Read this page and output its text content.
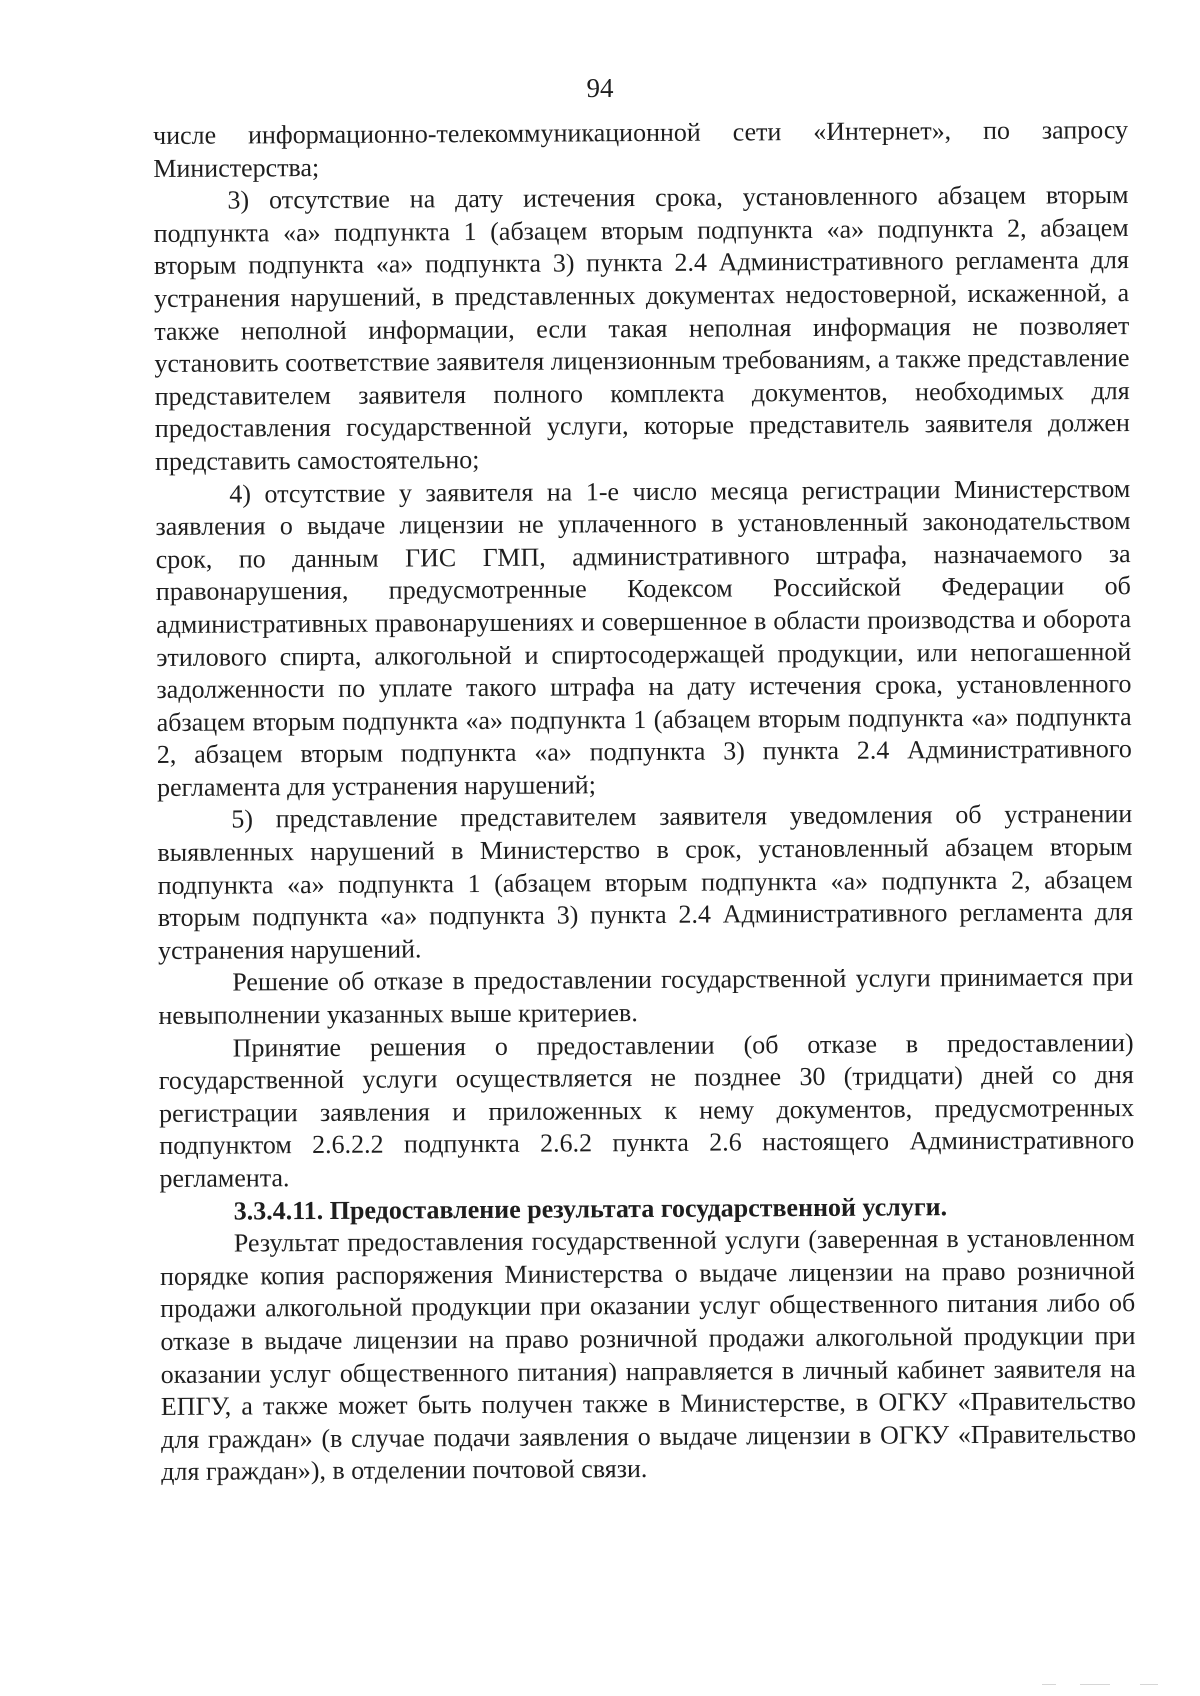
94

числе информационно-телекоммуникационной сети «Интернет», по запросу Министерства;

3) отсутствие на дату истечения срока, установленного абзацем вторым подпункта «а» подпункта 1 (абзацем вторым подпункта «а» подпункта 2, абзацем вторым подпункта «а» подпункта 3) пункта 2.4 Административного регламента для устранения нарушений, в представленных документах недостоверной, искаженной, а также неполной информации, если такая неполная информация не позволяет установить соответствие заявителя лицензионным требованиям, а также представление представителем заявителя полного комплекта документов, необходимых для предоставления государственной услуги, которые представитель заявителя должен представить самостоятельно;

4) отсутствие у заявителя на 1-е число месяца регистрации Министерством заявления о выдаче лицензии не уплаченного в установленный законодательством срок, по данным ГИС ГМП, административного штрафа, назначаемого за правонарушения, предусмотренные Кодексом Российской Федерации об административных правонарушениях и совершенное в области производства и оборота этилового спирта, алкогольной и спиртосодержащей продукции, или непогашенной задолженности по уплате такого штрафа на дату истечения срока, установленного абзацем вторым подпункта «а» подпункта 1 (абзацем вторым подпункта «а» подпункта 2, абзацем вторым подпункта «а» подпункта 3) пункта 2.4 Административного регламента для устранения нарушений;

5) представление представителем заявителя уведомления об устранении выявленных нарушений в Министерство в срок, установленный абзацем вторым подпункта «а» подпункта 1 (абзацем вторым подпункта «а» подпункта 2, абзацем вторым подпункта «а» подпункта 3) пункта 2.4 Административного регламента для устранения нарушений.

Решение об отказе в предоставлении государственной услуги принимается при невыполнении указанных выше критериев.

Принятие решения о предоставлении (об отказе в предоставлении) государственной услуги осуществляется не позднее 30 (тридцати) дней со дня регистрации заявления и приложенных к нему документов, предусмотренных подпунктом 2.6.2.2 подпункта 2.6.2 пункта 2.6 настоящего Административного регламента.

3.3.4.11. Предоставление результата государственной услуги.

Результат предоставления государственной услуги (заверенная в установленном порядке копия распоряжения Министерства о выдаче лицензии на право розничной продажи алкогольной продукции при оказании услуг общественного питания либо об отказе в выдаче лицензии на право розничной продажи алкогольной продукции при оказании услуг общественного питания) направляется в личный кабинет заявителя на ЕПГУ, а также может быть получен также в Министерстве, в ОГКУ «Правительство для граждан» (в случае подачи заявления о выдаче лицензии в ОГКУ «Правительство для граждан»), в отделении почтовой связи.
